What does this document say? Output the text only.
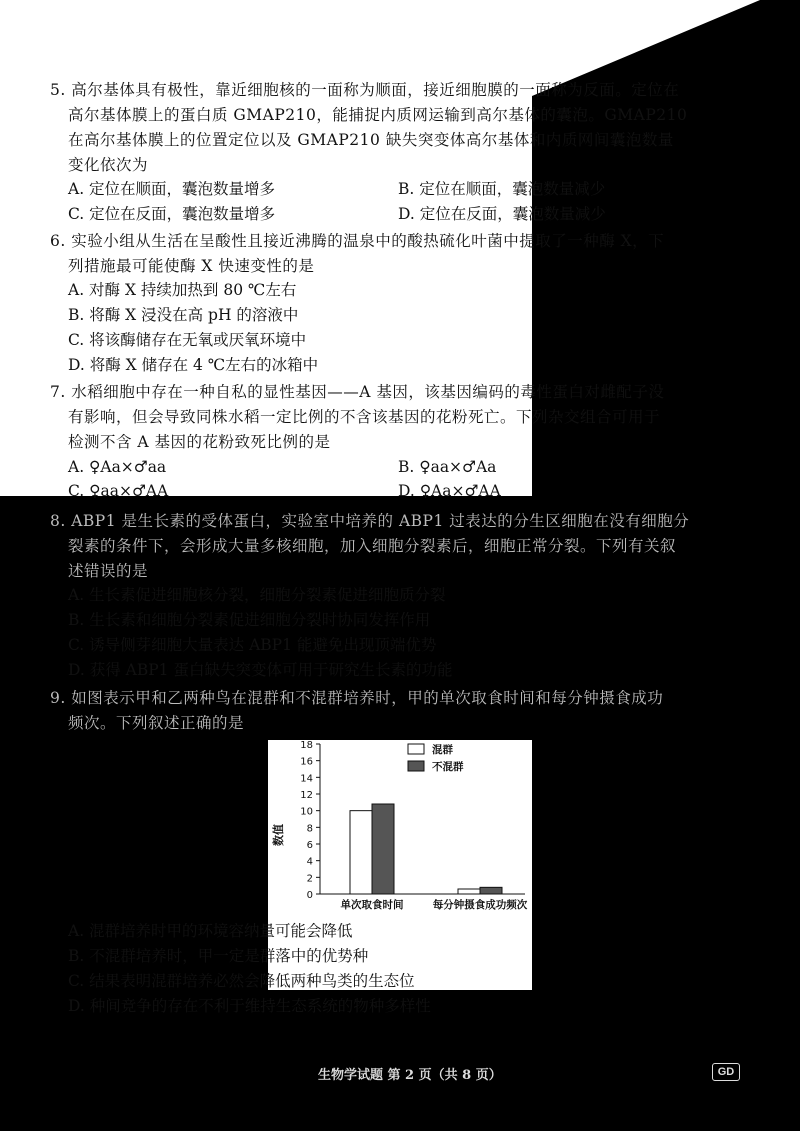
5. 高尔基体具有极性，靠近细胞核的一面称为顺面，接近细胞膜的一面称为反面。定位在
高尔基体膜上的蛋白质 GMAP210，能捕捉内质网运输到高尔基体的囊泡。GMAP210
在高尔基体膜上的位置定位以及 GMAP210 缺失突变体高尔基体和内质网间囊泡数量
变化依次为
A. 定位在顺面，囊泡数量增多	B. 定位在顺面，囊泡数量减少
C. 定位在反面，囊泡数量增多	D. 定位在反面，囊泡数量减少
6. 实验小组从生活在呈酸性且接近沸腾的温泉中的酸热硫化叶菌中提取了一种酶 X，下
列措施最可能使酶 X 快速变性的是
A. 对酶 X 持续加热到 80 ℃左右
B. 将酶 X 浸没在高 pH 的溶液中
C. 将该酶储存在无氧或厌氧环境中
D. 将酶 X 储存在 4 ℃左右的冰箱中
7. 水稻细胞中存在一种自私的显性基因——A 基因，该基因编码的毒性蛋白对雌配子没
有影响，但会导致同株水稻一定比例的不含该基因的花粉死亡。下列杂交组合可用于
检测不含 A 基因的花粉致死比例的是
A. ♀Aa×♂aa	B. ♀aa×♂Aa
C. ♀aa×♂AA	D. ♀Aa×♂AA
8. ABP1 是生长素的受体蛋白，实验室中培养的 ABP1 过表达的分生区细胞在没有细胞分
裂素的条件下，会形成大量多核细胞，加入细胞分裂素后，细胞正常分裂。下列有关叙
述错误的是
A. 生长素促进细胞核分裂，细胞分裂素促进细胞质分裂
B. 生长素和细胞分裂素促进细胞分裂时协同发挥作用
C. 诱导侧芽细胞大量表达 ABP1 能避免出现顶端优势
D. 获得 ABP1 蛋白缺失突变体可用于研究生长素的功能
9. 如图表示甲和乙两种鸟在混群和不混群培养时，甲的单次取食时间和每分钟摄食成功
频次。下列叙述正确的是
0
2
4
6
8
10
12
14
16
18
数值
单次取食时间	每分钟摄食成功频次
混群
不混群
A. 混群培养时甲的环境容纳量可能会降低
B. 不混群培养时，甲一定是群落中的优势种
C. 结果表明混群培养必然会降低两种鸟类的生态位
D. 种间竞争的存在不利于维持生态系统的物种多样性
生物学试题 第 2 页（共 8 页）	GD
